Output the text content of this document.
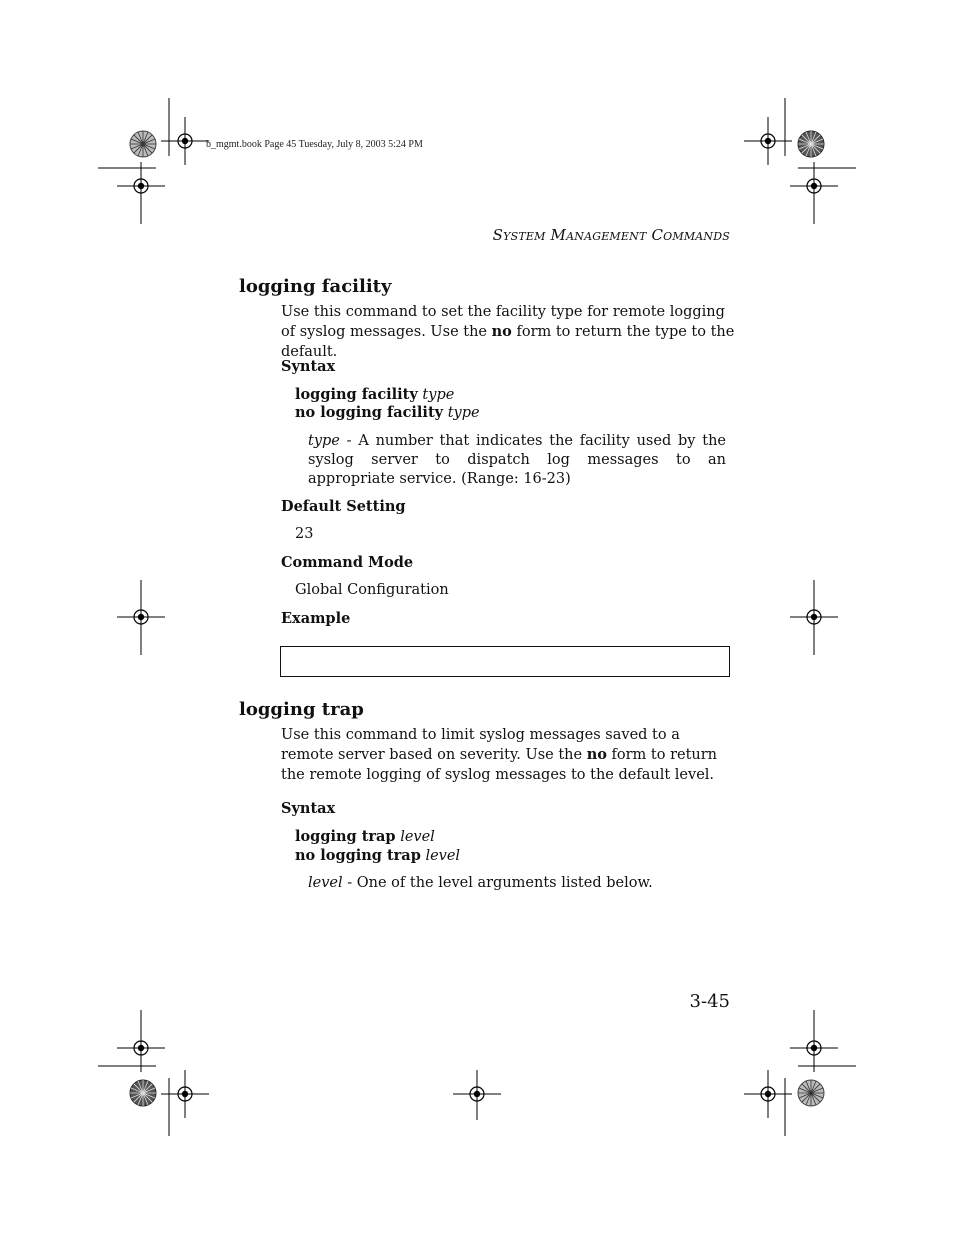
b_mgmt.book Page 45 Tuesday, July 8, 2003 5:24 PM
System Management Commands
logging facility
Use this command to set the facility type for remote logging of syslog messages. Use the no form to return the type to the default.
Syntax
logging facility type
no logging facility type
type - A number that indicates the facility used by the syslog server to dispatch log messages to an appropriate service. (Range: 16-23)
Default Setting
23
Command Mode
Global Configuration
Example
logging trap
Use this command to limit syslog messages saved to a remote server based on severity. Use the no form to return the remote logging of syslog messages to the default level.
Syntax
logging trap level
no logging trap level
level - One of the level arguments listed below.
3-45
